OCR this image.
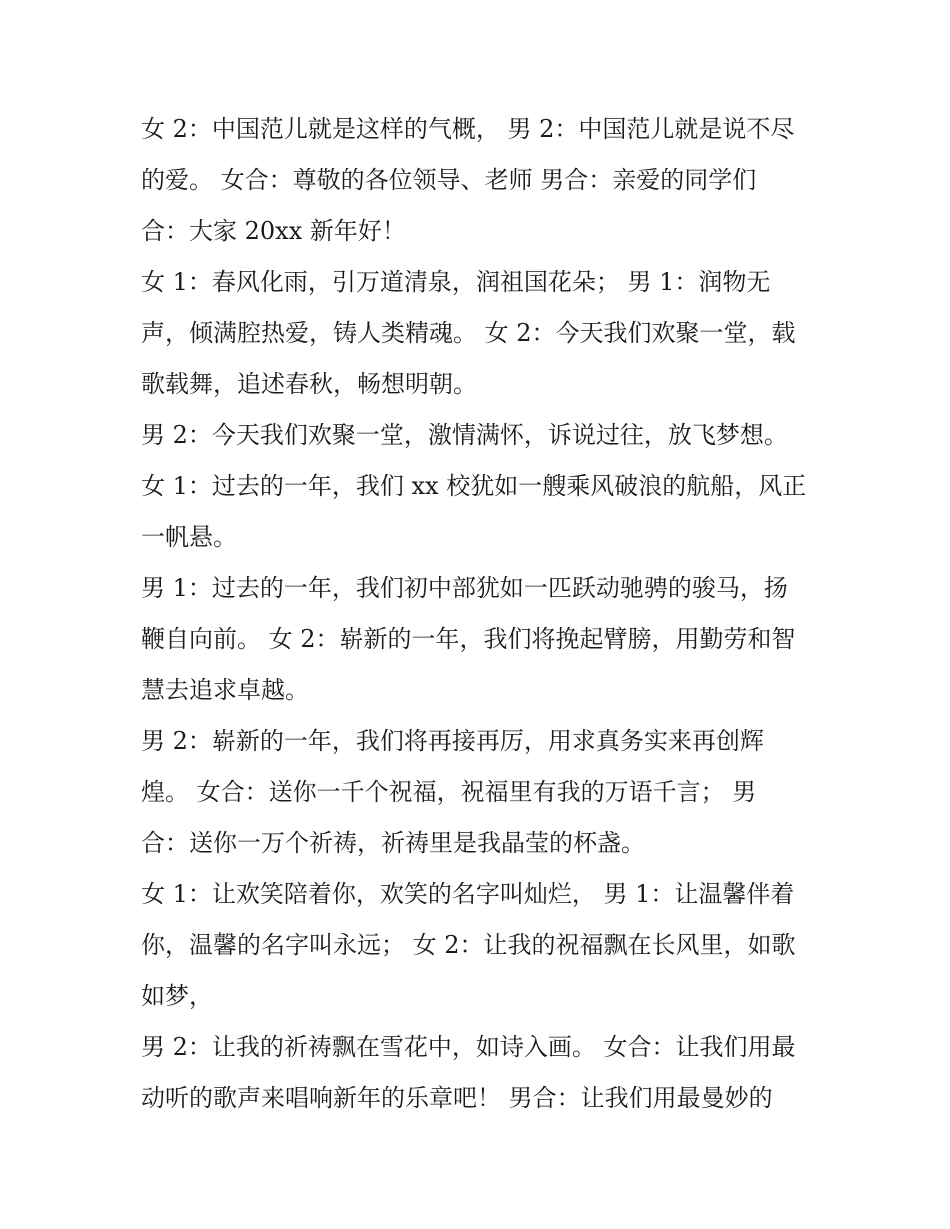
女 2：中国范儿就是这样的气概， 男 2：中国范儿就是说不尽
的爱。 女合：尊敬的各位领导、老师 男合：亲爱的同学们
合：大家 20xx 新年好！
女 1：春风化雨，引万道清泉，润祖国花朵； 男 1：润物无
声，倾满腔热爱，铸人类精魂。 女 2：今天我们欢聚一堂，载
歌载舞，追述春秋，畅想明朝。
男 2：今天我们欢聚一堂，激情满怀，诉说过往，放飞梦想。
女 1：过去的一年，我们 xx 校犹如一艘乘风破浪的航船，风正
一帆悬。
男 1：过去的一年，我们初中部犹如一匹跃动驰骋的骏马，扬
鞭自向前。 女 2：崭新的一年，我们将挽起臂膀，用勤劳和智
慧去追求卓越。
男 2：崭新的一年，我们将再接再厉，用求真务实来再创辉
煌。 女合：送你一千个祝福，祝福里有我的万语千言； 男
合：送你一万个祈祷，祈祷里是我晶莹的杯盏。
女 1：让欢笑陪着你，欢笑的名字叫灿烂， 男 1：让温馨伴着
你，温馨的名字叫永远； 女 2：让我的祝福飘在长风里，如歌
如梦，
男 2：让我的祈祷飘在雪花中，如诗入画。 女合：让我们用最
动听的歌声来唱响新年的乐章吧！ 男合：让我们用最曼妙的
